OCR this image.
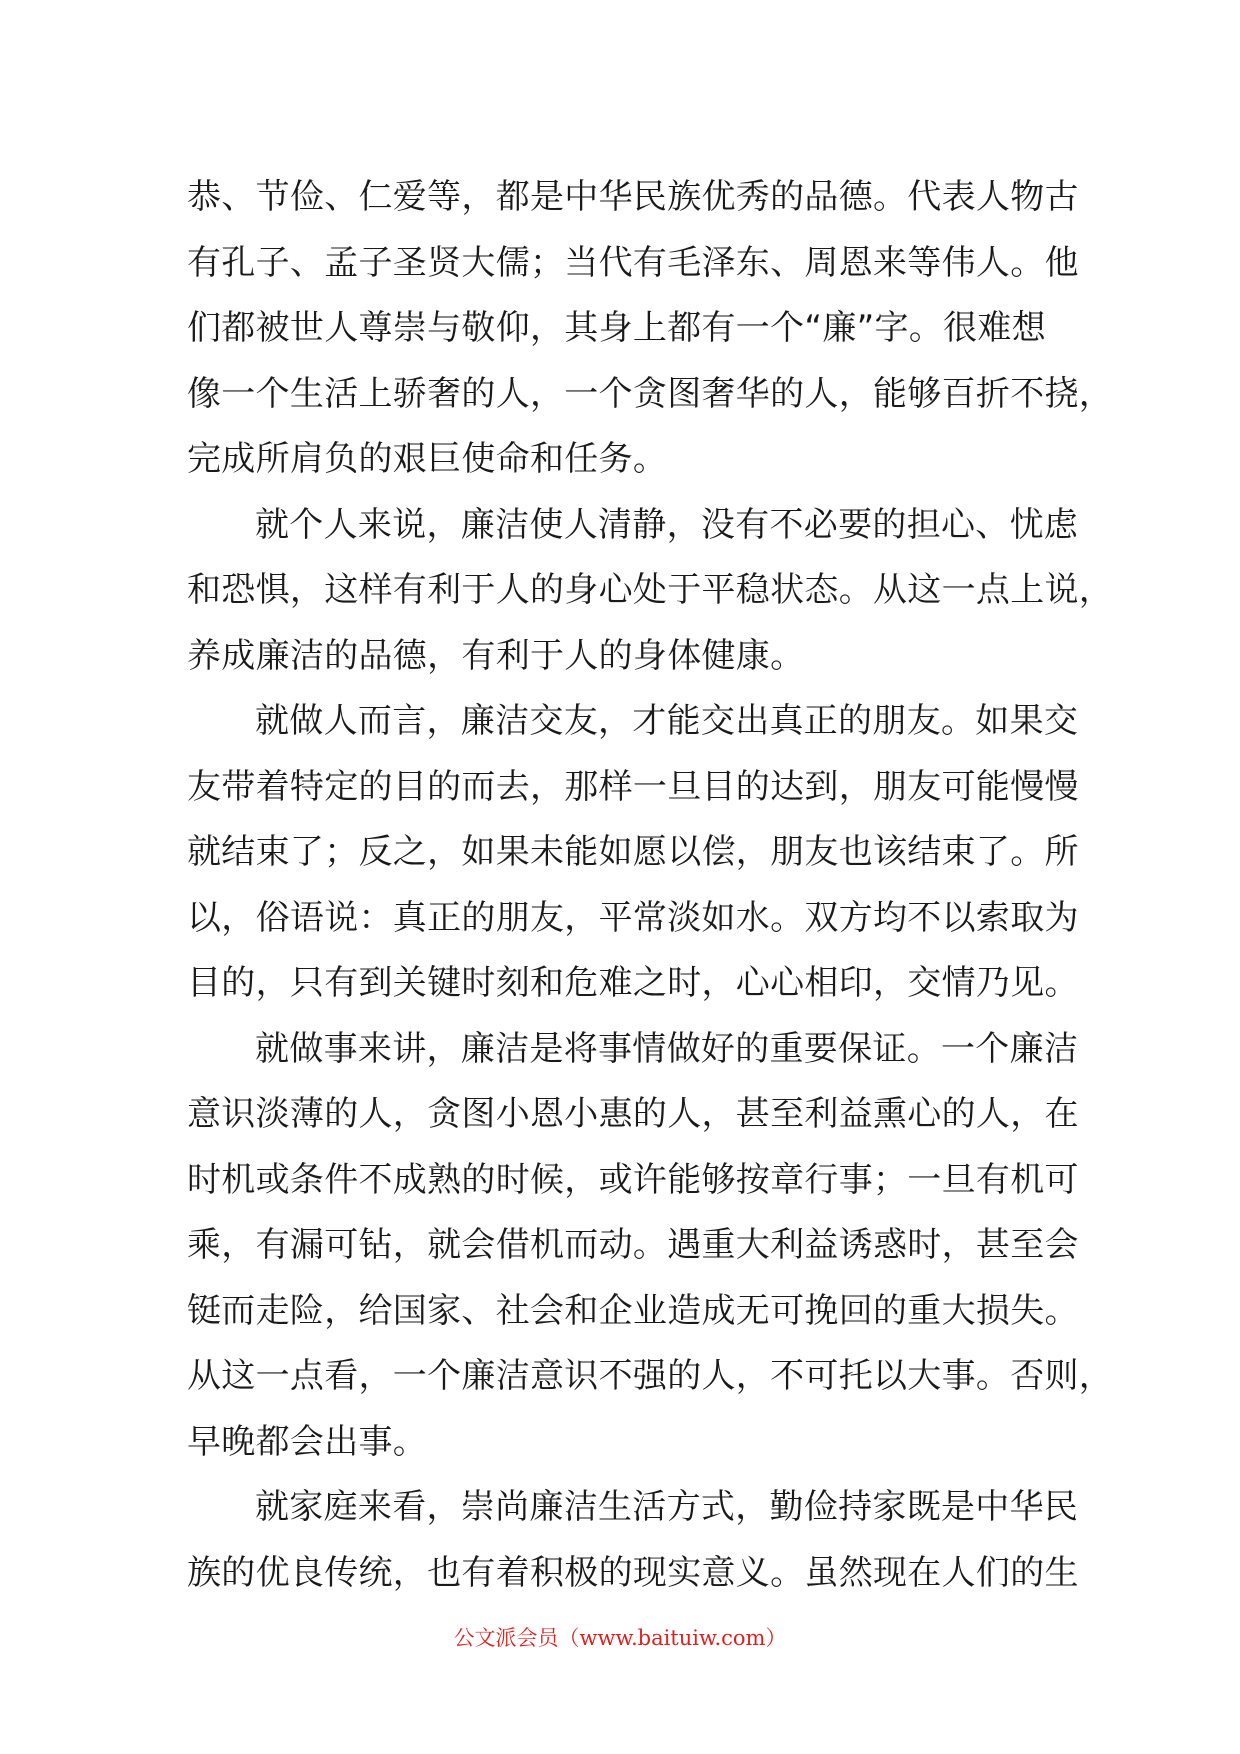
恭、节俭、仁爱等，都是中华民族优秀的品德。代表人物古
有孔子、孟子圣贤大儒；当代有毛泽东、周恩来等伟人。他
们都被世人尊崇与敬仰，其身上都有一个“廉”字。很难想
像一个生活上骄奢的人，一个贪图奢华的人，能够百折不挠，
完成所肩负的艰巨使命和任务。
就个人来说，廉洁使人清静，没有不必要的担心、忧虑
和恐惧，这样有利于人的身心处于平稳状态。从这一点上说，
养成廉洁的品德，有利于人的身体健康。
就做人而言，廉洁交友，才能交出真正的朋友。如果交
友带着特定的目的而去，那样一旦目的达到，朋友可能慢慢
就结束了；反之，如果未能如愿以偿，朋友也该结束了。所
以，俗语说：真正的朋友，平常淡如水。双方均不以索取为
目的，只有到关键时刻和危难之时，心心相印，交情乃见。
就做事来讲，廉洁是将事情做好的重要保证。一个廉洁
意识淡薄的人，贪图小恩小惠的人，甚至利益熏心的人，在
时机或条件不成熟的时候，或许能够按章行事；一旦有机可
乘，有漏可钻，就会借机而动。遇重大利益诱惑时，甚至会
铤而走险，给国家、社会和企业造成无可挽回的重大损失。
从这一点看，一个廉洁意识不强的人，不可托以大事。否则，
早晚都会出事。
就家庭来看，崇尚廉洁生活方式，勤俭持家既是中华民
族的优良传统，也有着积极的现实意义。虽然现在人们的生
公文派会员（www.baituiw.com）
